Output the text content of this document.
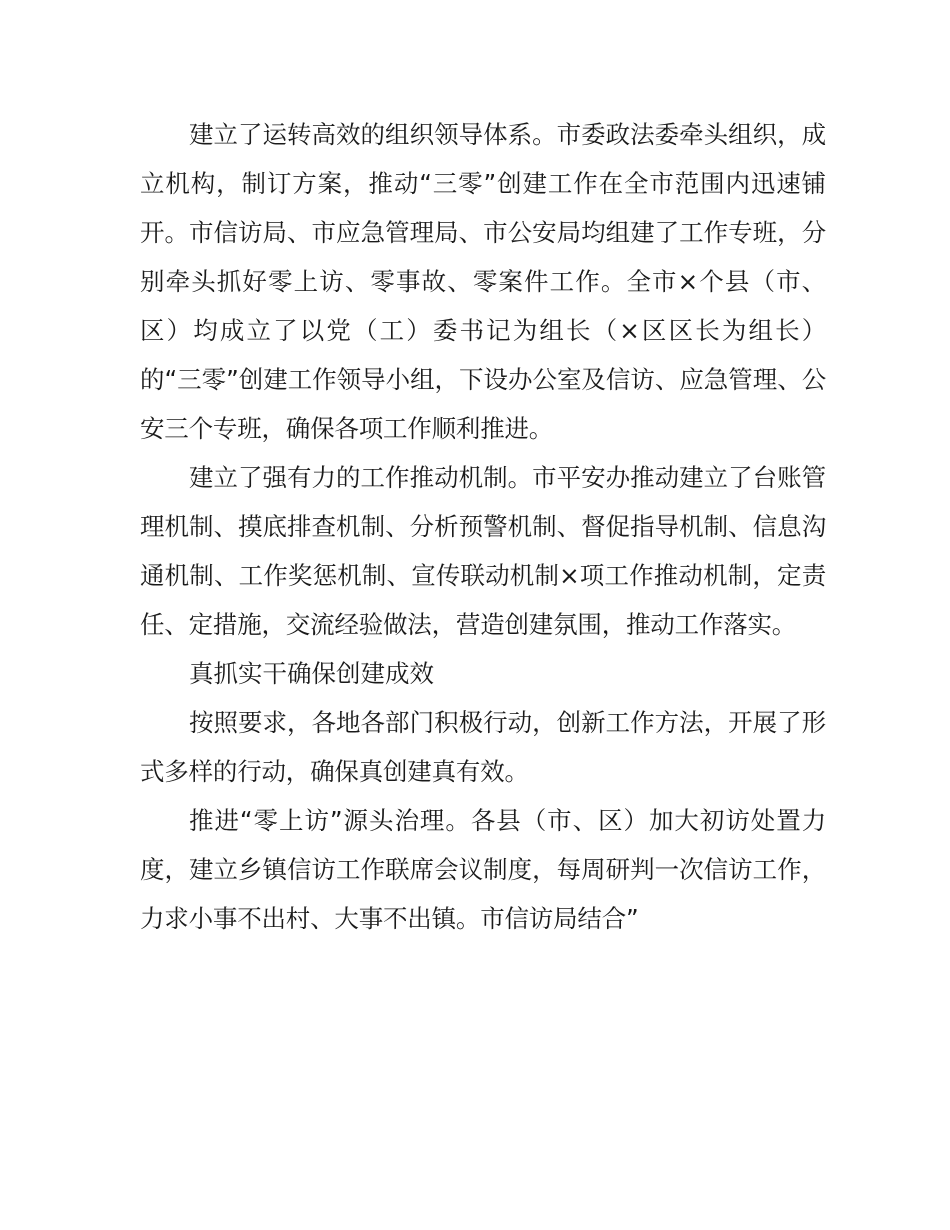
建立了运转高效的组织领导体系。市委政法委牵头组织，成立机构，制订方案，推动“三零”创建工作在全市范围内迅速铺开。市信访局、市应急管理局、市公安局均组建了工作专班，分别牵头抓好零上访、零事故、零案件工作。全市×个县（市、区）均成立了以党（工）委书记为组长（×区区长为组长）的“三零”创建工作领导小组，下设办公室及信访、应急管理、公安三个专班，确保各项工作顺利推进。

建立了强有力的工作推动机制。市平安办推动建立了台账管理机制、摸底排查机制、分析预警机制、督促指导机制、信息沟通机制、工作奖惩机制、宣传联动机制×项工作推动机制，定责任、定措施，交流经验做法，营造创建氛围，推动工作落实。

真抓实干确保创建成效

按照要求，各地各部门积极行动，创新工作方法，开展了形式多样的行动，确保真创建真有效。

推进“零上访”源头治理。各县（市、区）加大初访处置力度，建立乡镇信访工作联席会议制度，每周研判一次信访工作，力求小事不出村、大事不出镇。市信访局结合”
